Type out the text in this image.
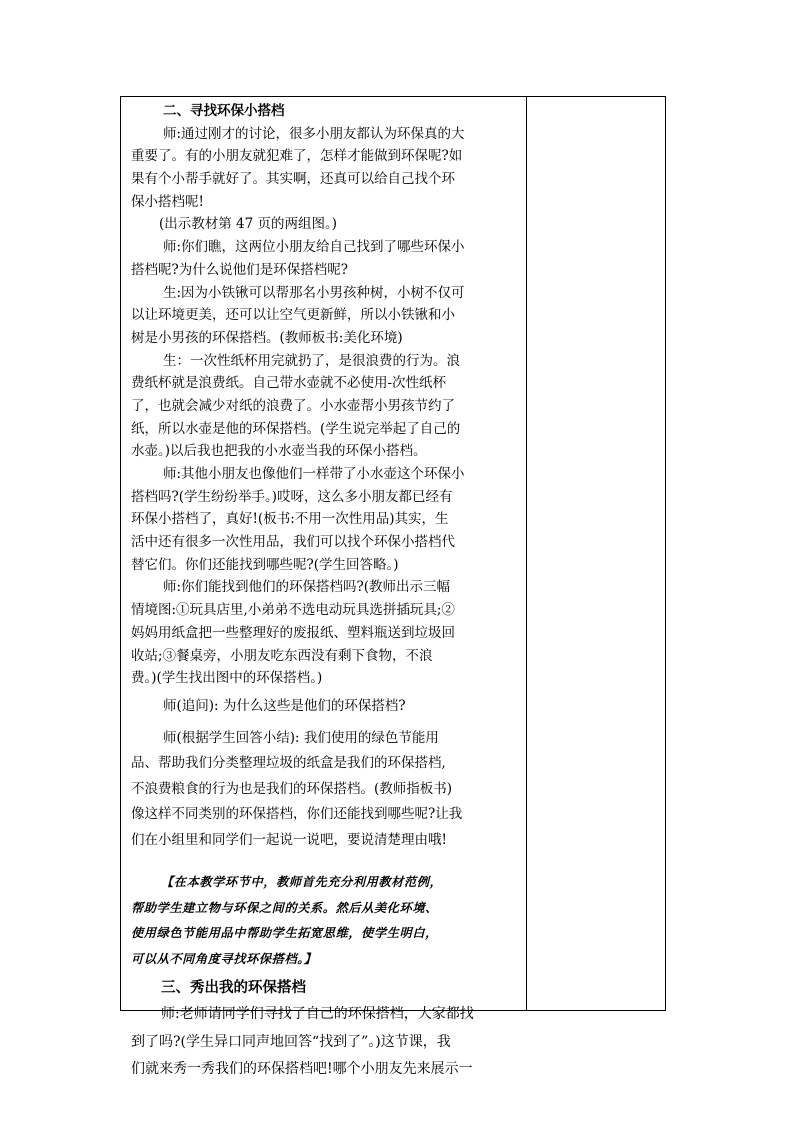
二、寻找环保小搭档
师:通过刚才的讨论，很多小朋友都认为环保真的大
重要了。有的小朋友就犯难了，怎样才能做到环保呢?如
果有个小帮手就好了。其实啊，还真可以给自己找个环
保小搭档呢!
(出示教材第 47 页的两组图。)
师:你们瞧，这两位小朋友给自己找到了哪些环保小
搭档呢?为什么说他们是环保搭档呢?
生:因为小铁锹可以帮那名小男孩种树，小树不仅可
以让环境更美，还可以让空气更新鲜，所以小铁锹和小
树是小男孩的环保搭档。(教师板书:美化环境)
生：一次性纸杯用完就扔了，是很浪费的行为。浪
费纸杯就是浪费纸。自己带水壶就不必使用-次性纸杯
了，也就会减少对纸的浪费了。小水壶帮小男孩节约了
纸，所以水壶是他的环保搭档。(学生说完举起了自己的
水壶。)以后我也把我的小水壶当我的环保小搭档。
师:其他小朋友也像他们一样带了小水壶这个环保小
搭档吗?(学生纷纷举手。)哎呀，这么多小朋友都已经有
环保小搭档了，真好!(板书:不用一次性用品)其实，生
活中还有很多一次性用品，我们可以找个环保小搭档代
替它们。你们还能找到哪些呢?(学生回答略。)
师:你们能找到他们的环保搭档吗?(教师出示三幅
情境图:①玩具店里,小弟弟不选电动玩具选拼插玩具;②
妈妈用纸盒把一些整理好的废报纸、塑料瓶送到垃圾回
收站;③餐桌旁，小朋友吃东西没有剩下食物，不浪
费。)(学生找出图中的环保搭档。)
师(追问): 为什么这些是他们的环保搭档?
师(根据学生回答小结): 我们使用的绿色节能用
品、帮助我们分类整理垃圾的纸盒是我们的环保搭档,
不浪费粮食的行为也是我们的环保搭档。(教师指板书)
像这样不同类别的环保搭档，你们还能找到哪些呢?让我
们在小组里和同学们一起说一说吧，要说清楚理由哦!
【在本教学环节中，教师首先充分利用教材范例，
帮助学生建立物与环保之间的关系。然后从美化环境、
使用绿色节能用品中帮助学生拓宽思维，使学生明白，
可以从不同角度寻找环保搭档。】
三、秀出我的环保搭档
师:老师请同学们寻找了自己的环保搭档，大家都找
到了吗?(学生异口同声地回答“找到了”。)这节课，我
们就来秀一秀我们的环保搭档吧!哪个小朋友先来展示一
